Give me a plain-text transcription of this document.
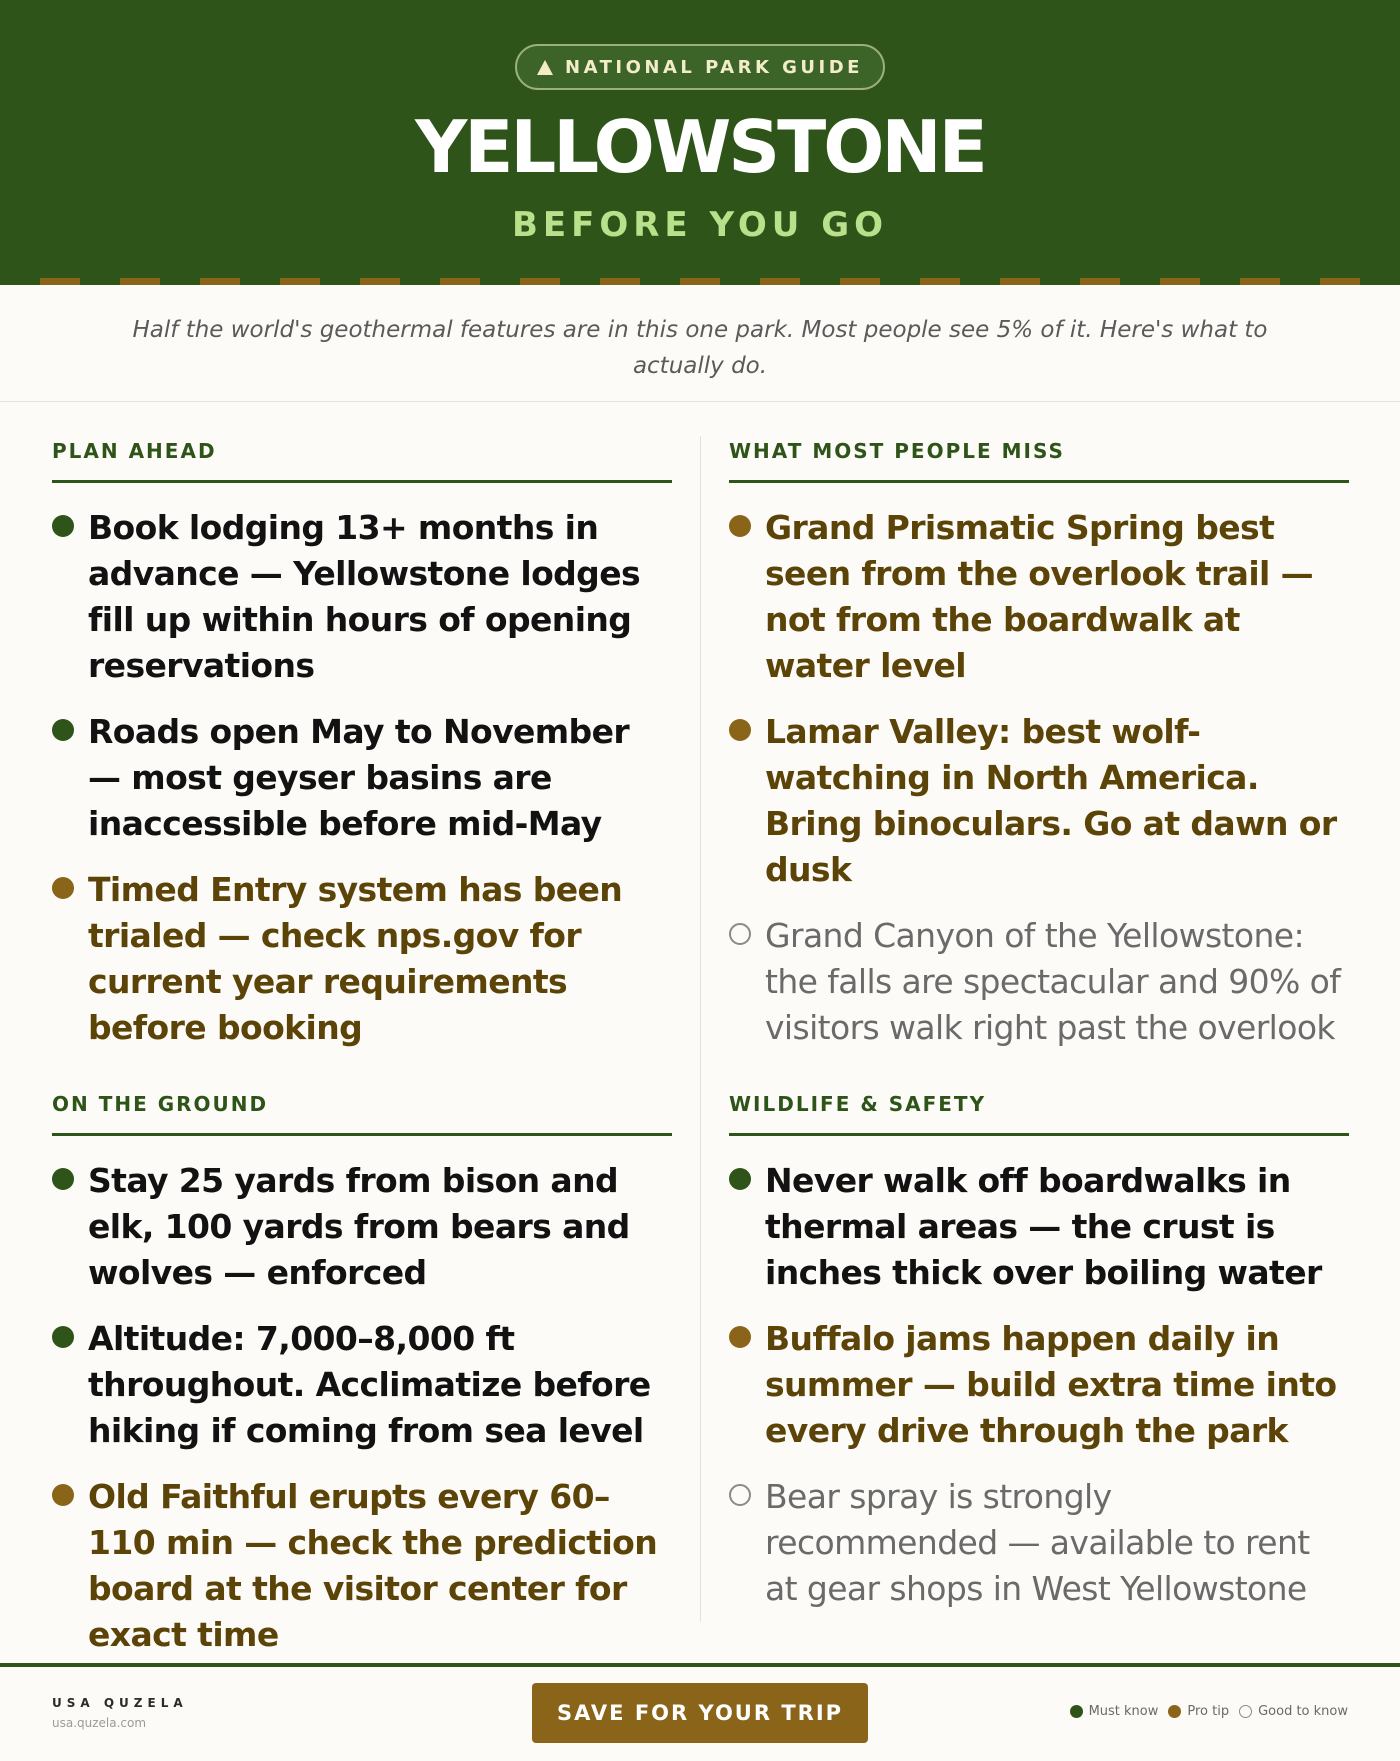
NATIONAL PARK GUIDE
YELLOWSTONE
BEFORE YOU GO

Half the world's geothermal features are in this one park. Most people see 5% of it. Here's what to actually do.

PLAN AHEAD
Book lodging 13+ months in advance — Yellowstone lodges fill up within hours of opening reservations
Roads open May to November — most geyser basins are inaccessible before mid-May
Timed Entry system has been trialed — check nps.gov for current year requirements before booking
ON THE GROUND
Stay 25 yards from bison and elk, 100 yards from bears and wolves — enforced
Altitude: 7,000–8,000 ft throughout. Acclimatize before hiking if coming from sea level
Old Faithful erupts every 60–110 min — check the prediction board at the visitor center for exact time
WHAT MOST PEOPLE MISS
Grand Prismatic Spring best seen from the overlook trail — not from the boardwalk at water level
Lamar Valley: best wolf-watching in North America. Bring binoculars. Go at dawn or dusk
Grand Canyon of the Yellowstone: the falls are spectacular and 90% of visitors walk right past the overlook
WILDLIFE & SAFETY
Never walk off boardwalks in thermal areas — the crust is inches thick over boiling water
Buffalo jams happen daily in summer — build extra time into every drive through the park
Bear spray is strongly recommended — available to rent at gear shops in West Yellowstone
USA QUZELA
usa.quzela.com	SAVE FOR YOUR TRIP	Must know Pro tip Good to know
